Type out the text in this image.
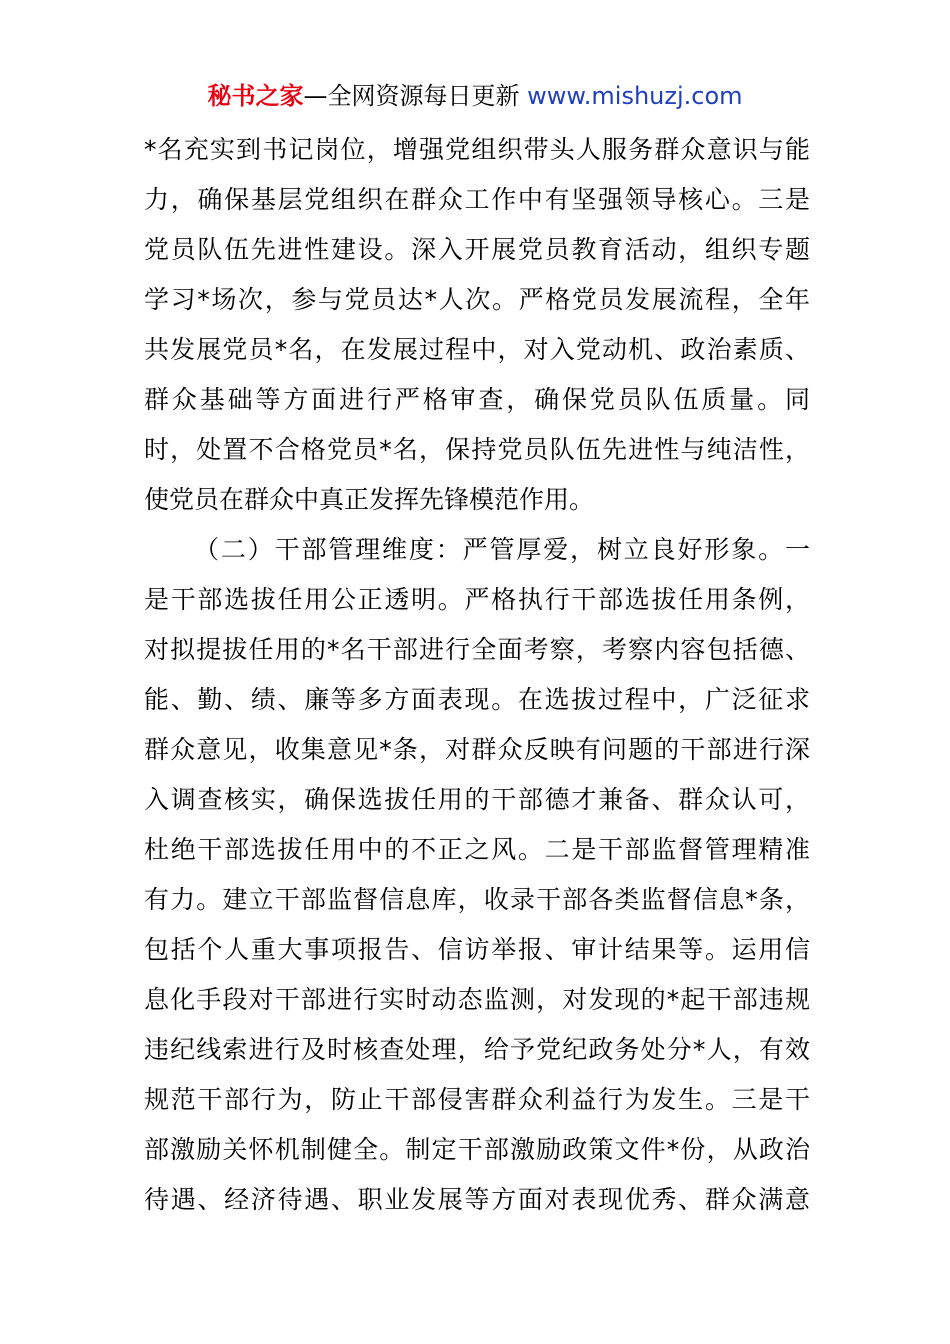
秘书之家—全网资源每日更新 www.mishuzj.com
*名充实到书记岗位，增强党组织带头人服务群众意识与能
力，确保基层党组织在群众工作中有坚强领导核心。三是
党员队伍先进性建设。深入开展党员教育活动，组织专题
学习*场次，参与党员达*人次。严格党员发展流程，全年
共发展党员*名，在发展过程中，对入党动机、政治素质、
群众基础等方面进行严格审查，确保党员队伍质量。同
时，处置不合格党员*名，保持党员队伍先进性与纯洁性，
使党员在群众中真正发挥先锋模范作用。
（二）干部管理维度：严管厚爱，树立良好形象。一
是干部选拔任用公正透明。严格执行干部选拔任用条例，
对拟提拔任用的*名干部进行全面考察，考察内容包括德、
能、勤、绩、廉等多方面表现。在选拔过程中，广泛征求
群众意见，收集意见*条，对群众反映有问题的干部进行深
入调查核实，确保选拔任用的干部德才兼备、群众认可，
杜绝干部选拔任用中的不正之风。二是干部监督管理精准
有力。建立干部监督信息库，收录干部各类监督信息*条，
包括个人重大事项报告、信访举报、审计结果等。运用信
息化手段对干部进行实时动态监测，对发现的*起干部违规
违纪线索进行及时核查处理，给予党纪政务处分*人，有效
规范干部行为，防止干部侵害群众利益行为发生。三是干
部激励关怀机制健全。制定干部激励政策文件*份，从政治
待遇、经济待遇、职业发展等方面对表现优秀、群众满意
